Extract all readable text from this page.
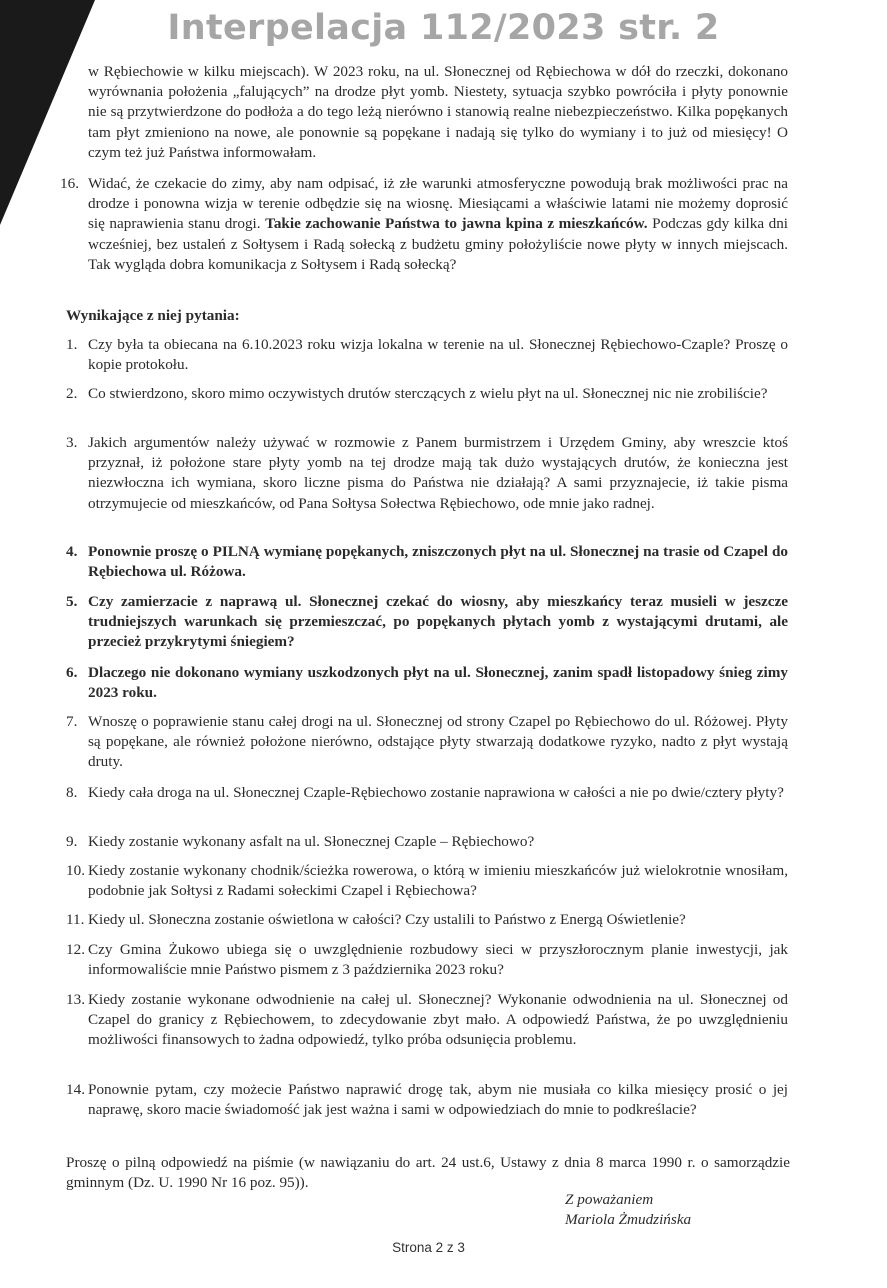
Interpelacja 112/2023 str. 2

w Rębiechowie w kilku miejscach). W 2023 roku, na ul. Słonecznej od Rębiechowa w dół do rzeczki, dokonano wyrównania położenia „falujących” na drodze płyt yomb. Niestety, sytuacja szybko powróciła i płyty ponownie nie są przytwierdzone do podłoża a do tego leżą nierówno i stanowią realne niebezpieczeństwo. Kilka popękanych tam płyt zmieniono na nowe, ale ponownie są popękane i nadają się tylko do wymiany i to już od miesięcy! O czym też już Państwa informowałam.

16. Widać, że czekacie do zimy, aby nam odpisać, iż złe warunki atmosferyczne powodują brak możliwości prac na drodze i ponowna wizja w terenie odbędzie się na wiosnę. Miesiącami a właściwie latami nie możemy doprosić się naprawienia stanu drogi. Takie zachowanie Państwa to jawna kpina z mieszkańców. Podczas gdy kilka dni wcześniej, bez ustaleń z Sołtysem i Radą sołecką z budżetu gminy położyliście nowe płyty w innych miejscach. Tak wygląda dobra komunikacja z Sołtysem i Radą sołecką?
Wynikające z niej pytania:
1. Czy była ta obiecana na 6.10.2023 roku wizja lokalna w terenie na ul. Słonecznej Rębiechowo-Czaple? Proszę o kopie protokołu.
2. Co stwierdzono, skoro mimo oczywistych drutów sterczących z wielu płyt na ul. Słonecznej nic nie zrobiliście?
3. Jakich argumentów należy używać w rozmowie z Panem burmistrzem i Urzędem Gminy, aby wreszcie ktoś przyznał, iż położone stare płyty yomb na tej drodze mają tak dużo wystających drutów, że konieczna jest niezwłoczna ich wymiana, skoro liczne pisma do Państwa nie działają? A sami przyznajecie, iż takie pisma otrzymujecie od mieszkańców, od Pana Sołtysa Sołectwa Rębiechowo, ode mnie jako radnej.
4. Ponownie proszę o PILNĄ wymianę popękanych, zniszczonych płyt na ul. Słonecznej na trasie od Czapel do Rębiechowa ul. Różowa.
5. Czy zamierzacie z naprawą ul. Słonecznej czekać do wiosny, aby mieszkańcy teraz musieli w jeszcze trudniejszych warunkach się przemieszczać, po popękanych płytach yomb z wystającymi drutami, ale przecież przykrytymi śniegiem?
6. Dlaczego nie dokonano wymiany uszkodzonych płyt na ul. Słonecznej, zanim spadł listopadowy śnieg zimy 2023 roku.
7. Wnoszę o poprawienie stanu całej drogi na ul. Słonecznej od strony Czapel po Rębiechowo do ul. Różowej. Płyty są popękane, ale również położone nierówno, odstające płyty stwarzają dodatkowe ryzyko, nadto z płyt wystają druty.
8. Kiedy cała droga na ul. Słonecznej Czaple-Rębiechowo zostanie naprawiona w całości a nie po dwie/cztery płyty?
9. Kiedy zostanie wykonany asfalt na ul. Słonecznej Czaple – Rębiechowo?
10. Kiedy zostanie wykonany chodnik/ścieżka rowerowa, o którą w imieniu mieszkańców już wielokrotnie wnosiłam, podobnie jak Sołtysi z Radami sołeckimi Czapel i Rębiechowa?
11. Kiedy ul. Słoneczna zostanie oświetlona w całości? Czy ustalili to Państwo z Energą Oświetlenie?
12. Czy Gmina Żukowo ubiega się o uwzględnienie rozbudowy sieci w przyszłorocznym planie inwestycji, jak informowaliście mnie Państwo pismem z 3 października 2023 roku?
13. Kiedy zostanie wykonane odwodnienie na całej ul. Słonecznej? Wykonanie odwodnienia na ul. Słonecznej od Czapel do granicy z Rębiechowem, to zdecydowanie zbyt mało. A odpowiedź Państwa, że po uwzględnieniu możliwości finansowych to żadna odpowiedź, tylko próba odsunięcia problemu.
14. Ponownie pytam, czy możecie Państwo naprawić drogę tak, abym nie musiała co kilka miesięcy prosić o jej naprawę, skoro macie świadomość jak jest ważna i sami w odpowiedziach do mnie to podkreślacie?
Proszę o pilną odpowiedź na piśmie (w nawiązaniu do art. 24 ust.6, Ustawy z dnia 8 marca 1990 r. o samorządzie gminnym (Dz. U. 1990 Nr 16 poz. 95)).
Z poważaniem
Mariola Żmudzińska
Strona 2 z 3
